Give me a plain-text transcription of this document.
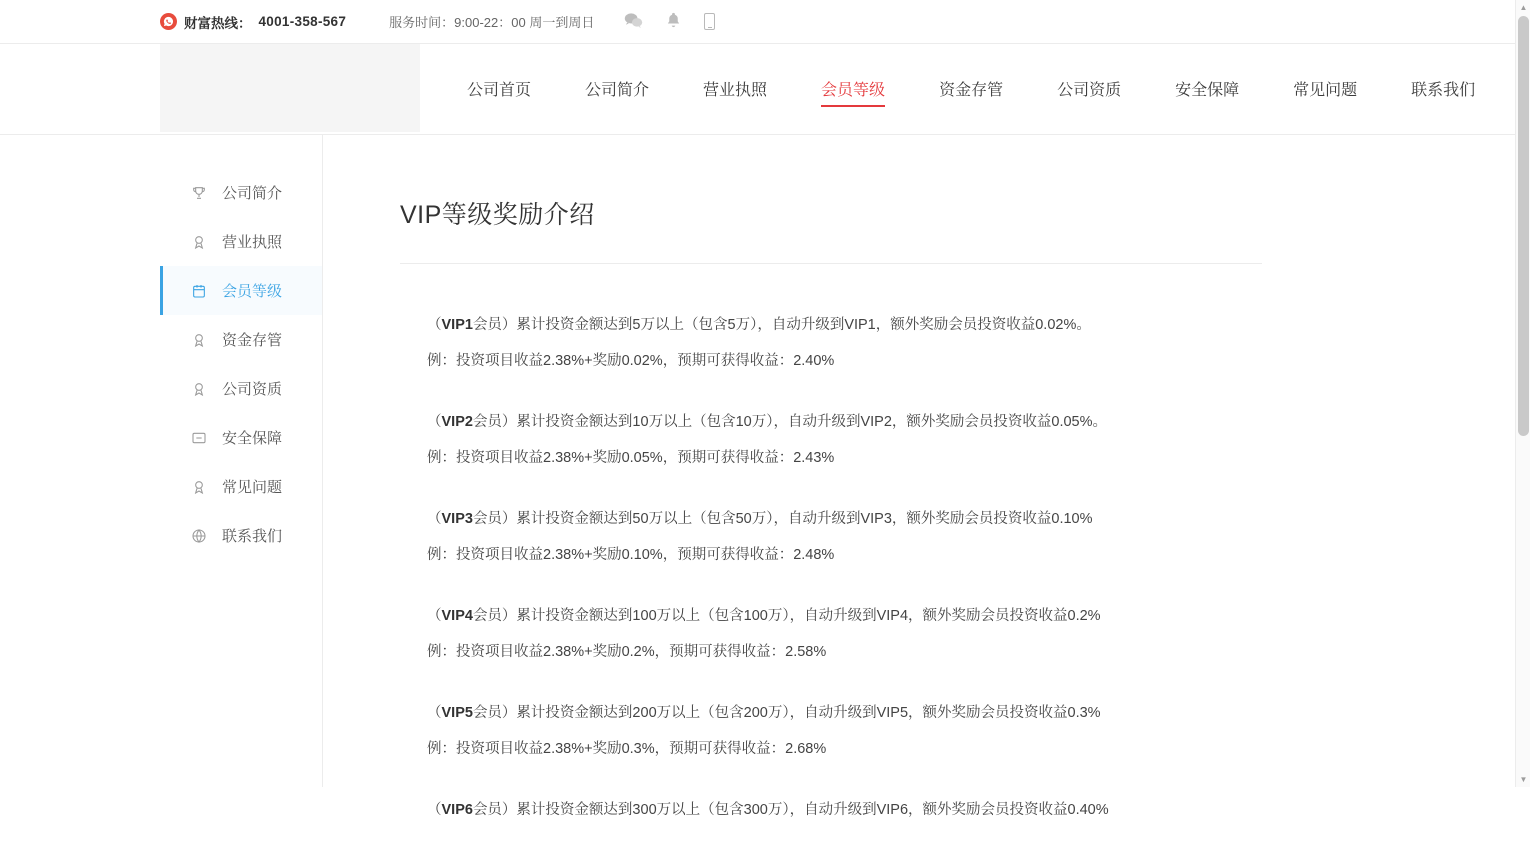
财富热线： 4001-358-567	服务时间：9:00-22：00 周一到周日
公司首页	公司简介	营业执照	会员等级	资金存管	公司资质	安全保障	常见问题	联系我们
公司简介
营业执照
会员等级
资金存管
公司资质
安全保障
常见问题
联系我们
VIP等级奖励介绍
（VIP1会员）累计投资金额达到5万以上（包含5万），自动升级到VIP1，额外奖励会员投资收益0.02%。
例：投资项目收益2.38%+奖励0.02%，预期可获得收益：2.40%
（VIP2会员）累计投资金额达到10万以上（包含10万），自动升级到VIP2，额外奖励会员投资收益0.05%。
例：投资项目收益2.38%+奖励0.05%，预期可获得收益：2.43%
（VIP3会员）累计投资金额达到50万以上（包含50万），自动升级到VIP3，额外奖励会员投资收益0.10%
例：投资项目收益2.38%+奖励0.10%，预期可获得收益：2.48%
（VIP4会员）累计投资金额达到100万以上（包含100万），自动升级到VIP4，额外奖励会员投资收益0.2%
例：投资项目收益2.38%+奖励0.2%，预期可获得收益：2.58%
（VIP5会员）累计投资金额达到200万以上（包含200万），自动升级到VIP5，额外奖励会员投资收益0.3%
例：投资项目收益2.38%+奖励0.3%，预期可获得收益：2.68%
（VIP6会员）累计投资金额达到300万以上（包含300万），自动升级到VIP6，额外奖励会员投资收益0.40%
▲
▼
